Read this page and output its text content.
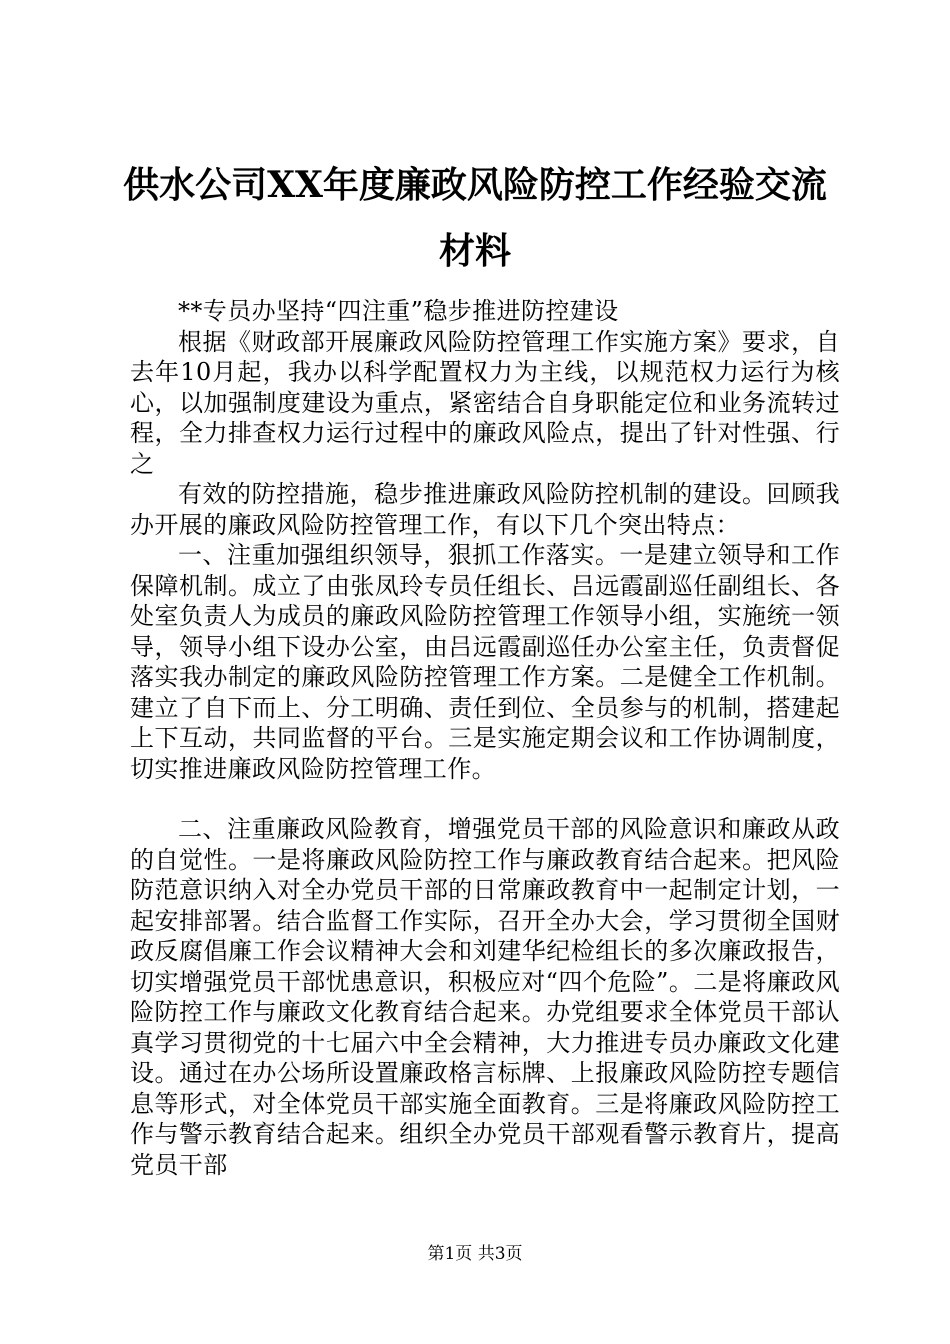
供水公司XX年度廉政风险防控工作经验交流材料

**专员办坚持“四注重”稳步推进防控建设

根据《财政部开展廉政风险防控管理工作实施方案》要求，自去年10月起，我办以科学配置权力为主线，以规范权力运行为核心，以加强制度建设为重点，紧密结合自身职能定位和业务流转过程，全力排查权力运行过程中的廉政风险点，提出了针对性强、行之

有效的防控措施，稳步推进廉政风险防控机制的建设。回顾我办开展的廉政风险防控管理工作，有以下几个突出特点：

一、注重加强组织领导，狠抓工作落实。一是建立领导和工作保障机制。成立了由张凤玲专员任组长、吕远霞副巡任副组长、各处室负责人为成员的廉政风险防控管理工作领导小组，实施统一领导，领导小组下设办公室，由吕远霞副巡任办公室主任，负责督促落实我办制定的廉政风险防控管理工作方案。二是健全工作机制。建立了自下而上、分工明确、责任到位、全员参与的机制，搭建起上下互动，共同监督的平台。三是实施定期会议和工作协调制度，切实推进廉政风险防控管理工作。

二、注重廉政风险教育，增强党员干部的风险意识和廉政从政的自觉性。一是将廉政风险防控工作与廉政教育结合起来。把风险防范意识纳入对全办党员干部的日常廉政教育中一起制定计划，一起安排部署。结合监督工作实际，召开全办大会，学习贯彻全国财政反腐倡廉工作会议精神大会和刘建华纪检组长的多次廉政报告，切实增强党员干部忧患意识，积极应对“四个危险”。二是将廉政风险防控工作与廉政文化教育结合起来。办党组要求全体党员干部认真学习贯彻党的十七届六中全会精神，大力推进专员办廉政文化建设。通过在办公场所设置廉政格言标牌、上报廉政风险防控专题信息等形式，对全体党员干部实施全面教育。三是将廉政风险防控工作与警示教育结合起来。组织全办党员干部观看警示教育片，提高党员干部

第1页 共3页
